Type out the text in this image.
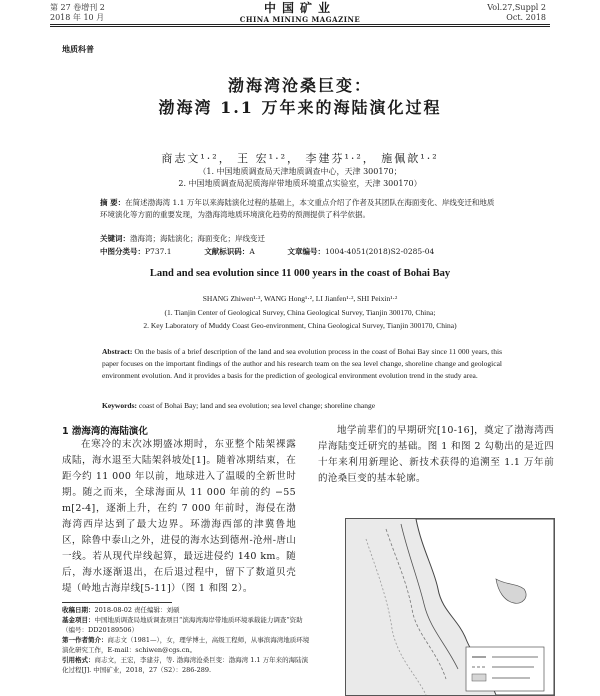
第 27 卷增刊 2
2018 年 10 月
中国矿业
CHINA MINING MAGAZINE
Vol.27,Suppl 2
Oct. 2018
地质科普
渤海湾沧桑巨变：
渤海湾 1.1 万年来的海陆演化过程
商志文¹·²， 王 宏¹·²， 李建芬¹·²， 施佩歆¹·²
（1. 中国地质调查局天津地质调查中心，天津 300170；
2. 中国地质调查局泥质海岸带地质环境重点实验室，天津 300170）
摘 要：在简述渤海湾 1.1 万年以来海陆演化过程的基础上，本文重点介绍了作者及其团队在海面变化、岸线变迁和地质环境演化等方面的重要发现，为渤海湾地质环境演化趋势的预测提供了科学依据。
关键词：渤海湾；海陆演化；海面变化；岸线变迁
中图分类号：P737.1	文献标识码：A	文章编号：1004-4051(2018)S2-0285-04
Land and sea evolution since 11 000 years in the coast of Bohai Bay
SHANG Zhiwen¹·², WANG Hong¹·², LI Jianfen¹·², SHI Peixin¹·²
(1. Tianjin Center of Geological Survey, China Geological Survey, Tianjin 300170, China;
2. Key Laboratory of Muddy Coast Geo-environment, China Geological Survey, Tianjin 300170, China)
Abstract: On the basis of a brief description of the land and sea evolution process in the coast of Bohai Bay since 11 000 years, this paper focuses on the important findings of the author and his research team on the sea level change, shoreline change and geological environment evolution. And it provides a basis for the prediction of geological environment evolution trend in the study area.
Keywords: coast of Bohai Bay; land and sea evolution; sea level change; shoreline change
1 渤海湾的海陆演化
在寒冷的末次冰期盛冰期时，东亚整个陆架裸露成陆，海水退至大陆架斜坡处[1]。随着冰期结束，在距今约 11 000 年以前，地球进入了温暖的全新世时期。随之而来，全球海面从 11 000 年前的约 −55 m[2-4]，逐渐上升，在约 7 000 年前时，海侵在渤海湾西岸达到了最大边界。环渤海西部的津冀鲁地区，除鲁中泰山之外，进侵的海水达到德州-沧州-唐山一线。若从现代岸线起算，最远进侵约 140 km。随后，海水逐渐退出，在后退过程中，留下了数道贝壳堤（岭地古海岸线[5-11]）（图 1 和图 2）。
地学前辈们的早期研究[10-16]，奠定了渤海湾西岸海陆变迁研究的基础。图 1 和图 2 勾勒出的是近四十年来利用新理论、新技术获得的追溯至 1.1 万年前的沧桑巨变的基本轮廓。
收稿日期：2018-08-02 责任编辑：刘硕
基金项目：中国地质调查局地质调查项目“滨海湾海岸带地质环境承载能力调查”资助（编号：DD20189506）
第一作者简介：商志文（1981—），女，理学博士，高级工程师，从事滨海湾地质环境演化研究工作，E-mail：schiwen@cgs.cn。
引用格式：商志文，王宏，李建芬，等. 渤海湾沧桑巨变：渤海湾 1.1 万年来的海陆演化过程[J]. 中国矿业，2018，27（S2）：286-289.
